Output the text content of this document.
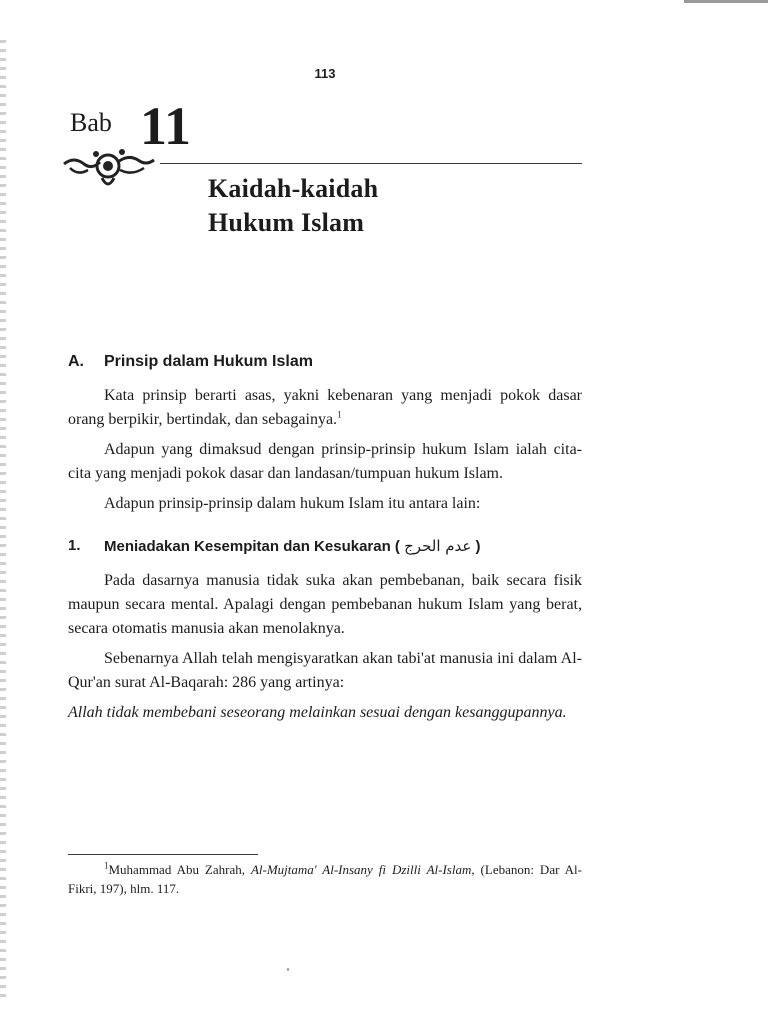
113
Bab 11
Kaidah-kaidah
Hukum Islam
A.	Prinsip dalam Hukum Islam

Kata prinsip berarti asas, yakni kebenaran yang menjadi pokok dasar orang berpikir, bertindak, dan sebagainya.$^1$

Adapun yang dimaksud dengan prinsip-prinsip hukum Islam ialah cita-cita yang menjadi pokok dasar dan landasan/tumpuan hukum Islam.

Adapun prinsip-prinsip dalam hukum Islam itu antara lain:

1.	Meniadakan Kesempitan dan Kesukaran ( عدم الحرج )

Pada dasarnya manusia tidak suka akan pembebanan, baik secara fisik maupun secara mental. Apalagi dengan pembebanan hukum Islam yang berat, secara otomatis manusia akan menolaknya.

Sebenarnya Allah telah mengisyaratkan akan tabi'at manusia ini dalam Al-Qur'an surat Al-Baqarah: 286 yang artinya:

Allah tidak membebani seseorang melainkan sesuai dengan kesanggupannya.

$^1$Muhammad Abu Zahrah, Al-Mujtama' Al-Insany fi Dzilli Al-Islam, (Lebanon: Dar Al-Fikri, 197), hlm. 117.
